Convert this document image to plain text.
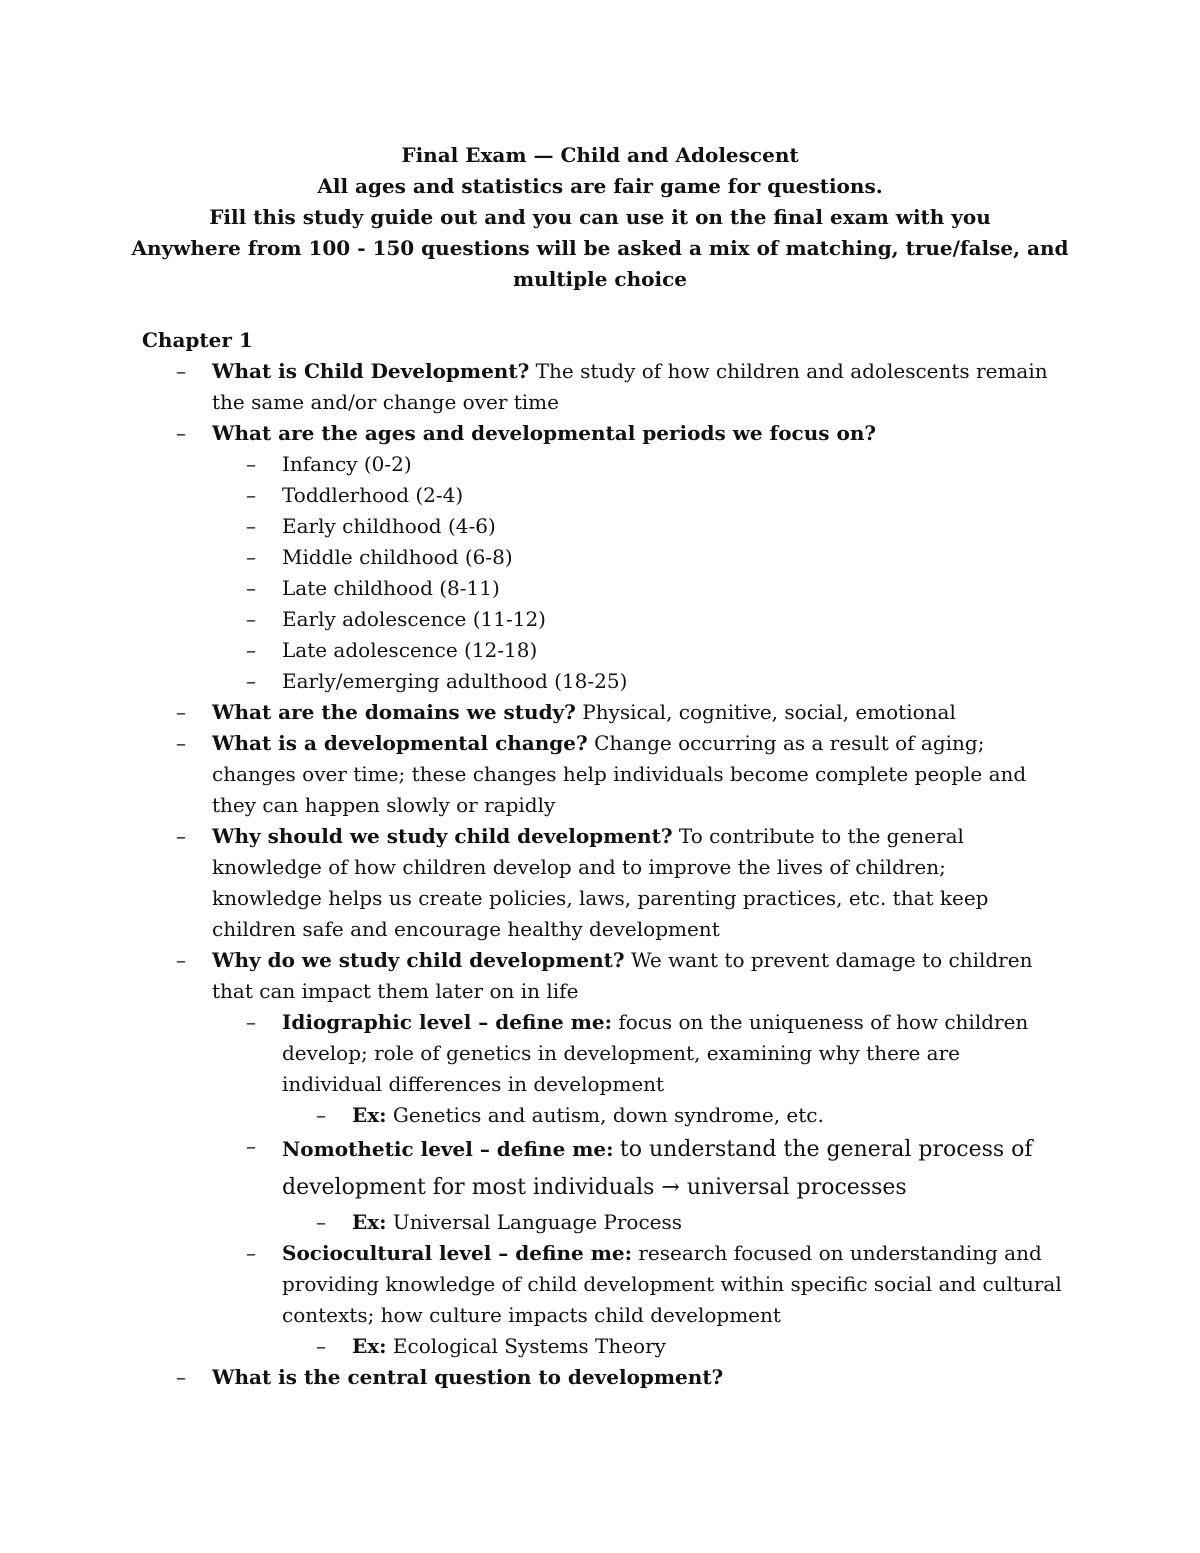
Final Exam — Child and Adolescent

All ages and statistics are fair game for questions.

Fill this study guide out and you can use it on the final exam with you

Anywhere from 100 - 150 questions will be asked a mix of matching, true/false, and multiple choice

Chapter 1

– What is Child Development? The study of how children and adolescents remain the same and/or change over time

– What are the ages and developmental periods we focus on?

– Infancy (0-2)

– Toddlerhood (2-4)

– Early childhood (4-6)

– Middle childhood (6-8)

– Late childhood (8-11)

– Early adolescence (11-12)

– Late adolescence (12-18)

– Early/emerging adulthood (18-25)

– What are the domains we study? Physical, cognitive, social, emotional

– What is a developmental change? Change occurring as a result of aging; changes over time; these changes help individuals become complete people and they can happen slowly or rapidly

– Why should we study child development? To contribute to the general knowledge of how children develop and to improve the lives of children; knowledge helps us create policies, laws, parenting practices, etc. that keep children safe and encourage healthy development

– Why do we study child development? We want to prevent damage to children that can impact them later on in life

– Idiographic level – define me: focus on the uniqueness of how children develop; role of genetics in development, examining why there are individual differences in development

– Ex: Genetics and autism, down syndrome, etc.

– Nomothetic level – define me: to understand the general process of development for most individuals → universal processes

– Ex: Universal Language Process

– Sociocultural level – define me: research focused on understanding and providing knowledge of child development within specific social and cultural contexts; how culture impacts child development

– Ex: Ecological Systems Theory

– What is the central question to development?
